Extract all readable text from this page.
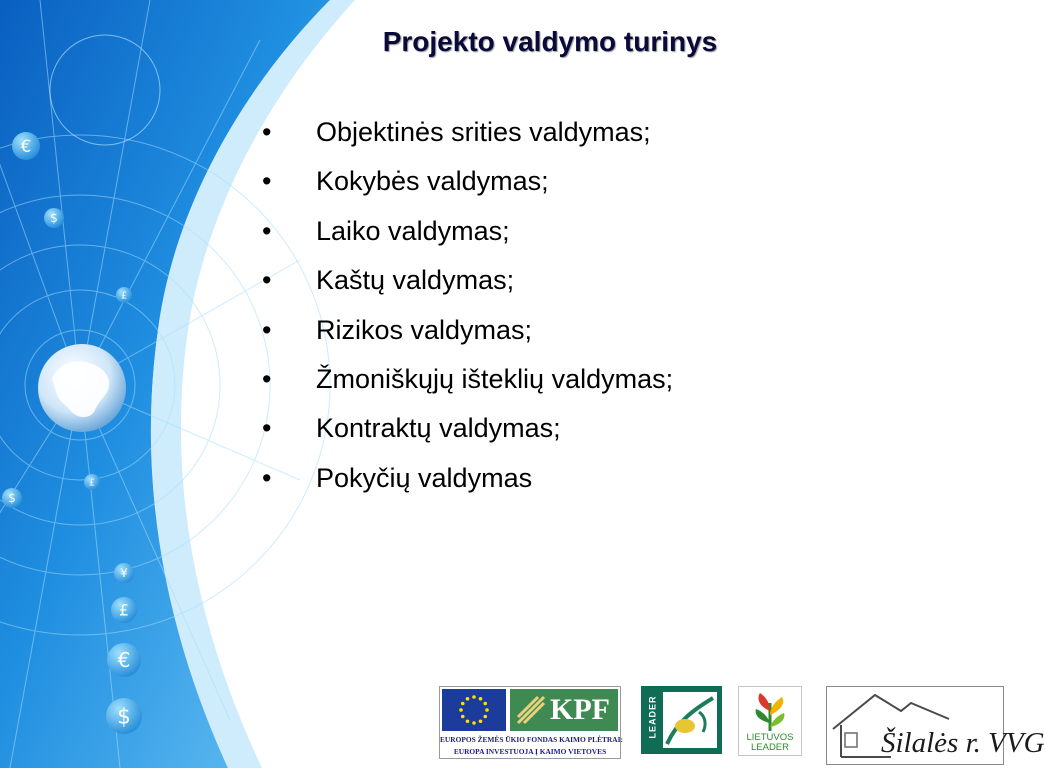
€
$
£
£
$
¥
£
€
$
Projekto valdymo turinys
• Objektinės srities valdymas;
• Kokybės valdymas;
• Laiko valdymas;
• Kaštų valdymas;
• Rizikos valdymas;
• Žmoniškųjų išteklių valdymas;
• Kontraktų valdymas;
• Pokyčių valdymas
KPF
EUROPOS ŽEMĖS ŪKIO FONDAS KAIMO PLĖTRAI:
EUROPA INVESTUOJA Į KAIMO VIETOVES
LEADER	LIETUVOS
LEADER	Šilalės r. VVG
